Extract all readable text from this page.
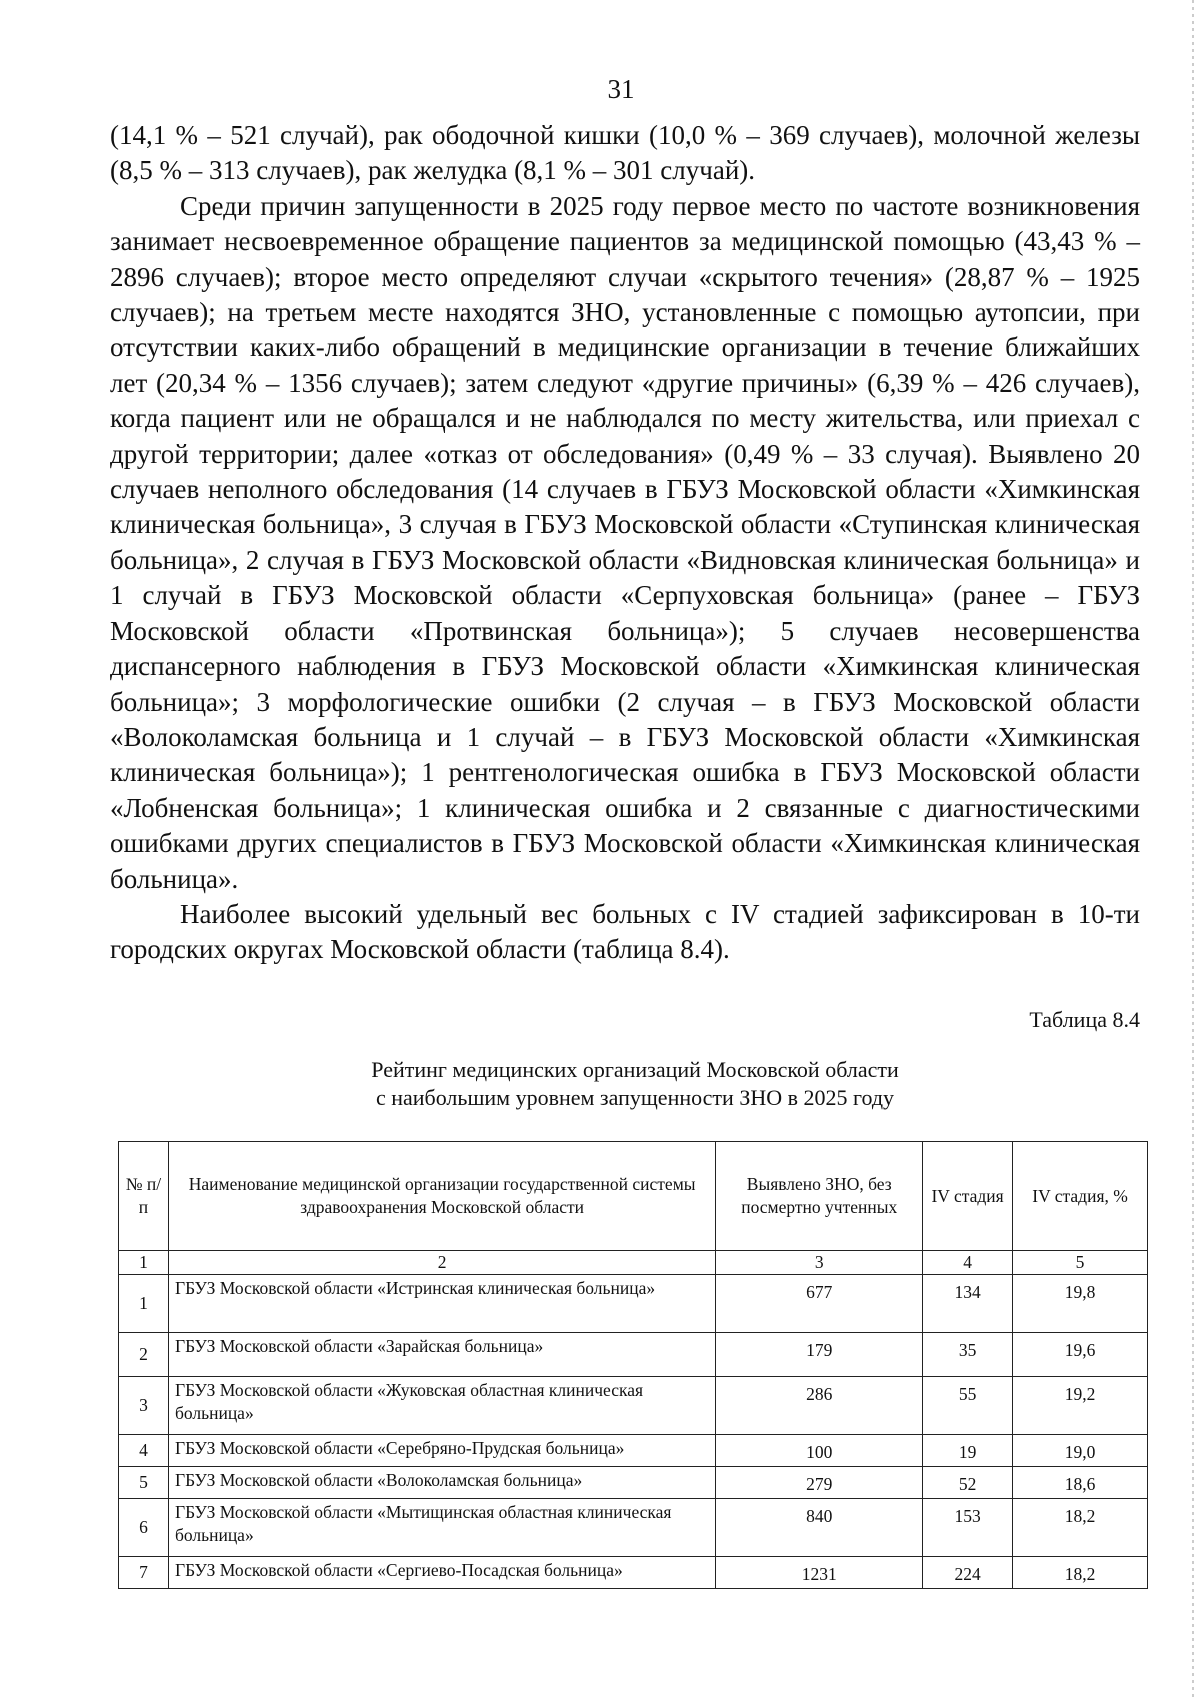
31

(14,1 % – 521 случай), рак ободочной кишки (10,0 % – 369 случаев), молочной железы (8,5 % – 313 случаев), рак желудка (8,1 % – 301 случай).

Среди причин запущенности в 2025 году первое место по частоте возникновения занимает несвоевременное обращение пациентов за медицинской помощью (43,43 % – 2896 случаев); второе место определяют случаи «скрытого течения» (28,87 % – 1925 случаев); на третьем месте находятся ЗНО, установленные с помощью аутопсии, при отсутствии каких-либо обращений в медицинские организации в течение ближайших лет (20,34 % – 1356 случаев); затем следуют «другие причины» (6,39 % – 426 случаев), когда пациент или не обращался и не наблюдался по месту жительства, или приехал с другой территории; далее «отказ от обследования» (0,49 % – 33 случая). Выявлено 20 случаев неполного обследования (14 случаев в ГБУЗ Московской области «Химкинская клиническая больница», 3 случая в ГБУЗ Московской области «Ступинская клиническая больница», 2 случая в ГБУЗ Московской области «Видновская клиническая больница» и 1 случай в ГБУЗ Московской области «Серпуховская больница» (ранее – ГБУЗ Московской области «Протвинская больница»); 5 случаев несовершенства диспансерного наблюдения в ГБУЗ Московской области «Химкинская клиническая больница»; 3 морфологические ошибки (2 случая – в ГБУЗ Московской области «Волоколамская больница и 1 случай – в ГБУЗ Московской области «Химкинская клиническая больница»); 1 рентгенологическая ошибка в ГБУЗ Московской области «Лобненская больница»; 1 клиническая ошибка и 2 связанные с диагностическими ошибками других специалистов в ГБУЗ Московской области «Химкинская клиническая больница».

Наиболее высокий удельный вес больных с IV стадией зафиксирован в 10-ти городских округах Московской области (таблица 8.4).

Таблица 8.4
Рейтинг медицинских организаций Московской области
с наибольшим уровнем запущенности ЗНО в 2025 году
№ п/п	Наименование медицинской организации государственной системы здравоохранения Московской области	Выявлено ЗНО, без посмертно учтенных	IV стадия	IV стадия, %
1	2	3	4	5
1	ГБУЗ Московской области «Истринская клиническая больница»	677	134	19,8
2	ГБУЗ Московской области «Зарайская больница»	179	35	19,6
3	ГБУЗ Московской области «Жуковская областная клиническая больница»	286	55	19,2
4	ГБУЗ Московской области «Серебряно-Прудская больница»	100	19	19,0
5	ГБУЗ Московской области «Волоколамская больница»	279	52	18,6
6	ГБУЗ Московской области «Мытищинская областная клиническая больница»	840	153	18,2
7	ГБУЗ Московской области «Сергиево-Посадская больница»	1231	224	18,2
